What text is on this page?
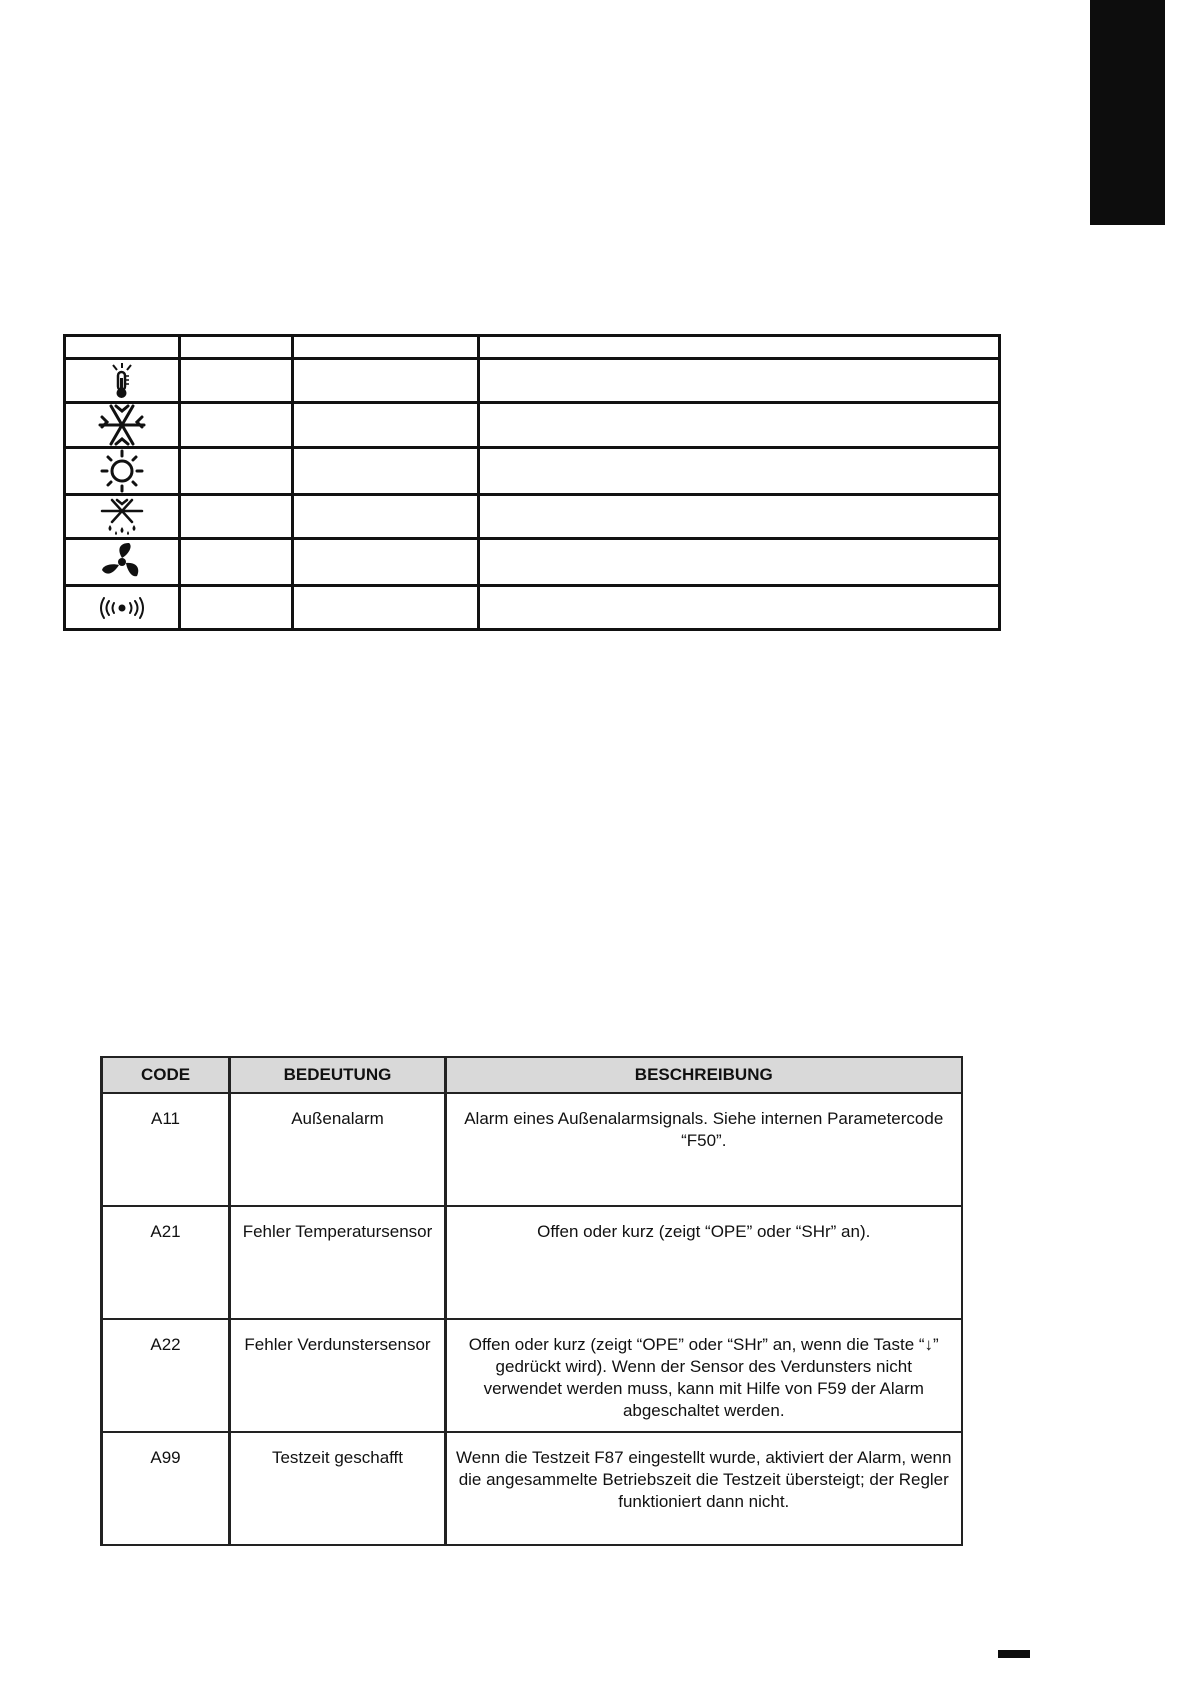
CODE	BEDEUTUNG	BESCHREIBUNG
A11	Außenalarm	Alarm eines Außenalarmsignals. Siehe internen Parametercode “F50”.
A21	Fehler Temperatursensor	Offen oder kurz (zeigt “OPE” oder “SHr” an).
A22	Fehler Verdunstersensor	Offen oder kurz (zeigt “OPE” oder “SHr” an, wenn die Taste “↓” gedrückt wird). Wenn der Sensor des Verdunsters nicht verwendet werden muss, kann mit Hilfe von F59 der Alarm abgeschaltet werden.
A99	Testzeit geschafft	Wenn die Testzeit F87 eingestellt wurde, aktiviert der Alarm, wenn die angesammelte Betriebszeit die Testzeit übersteigt; der Regler funktioniert dann nicht.
